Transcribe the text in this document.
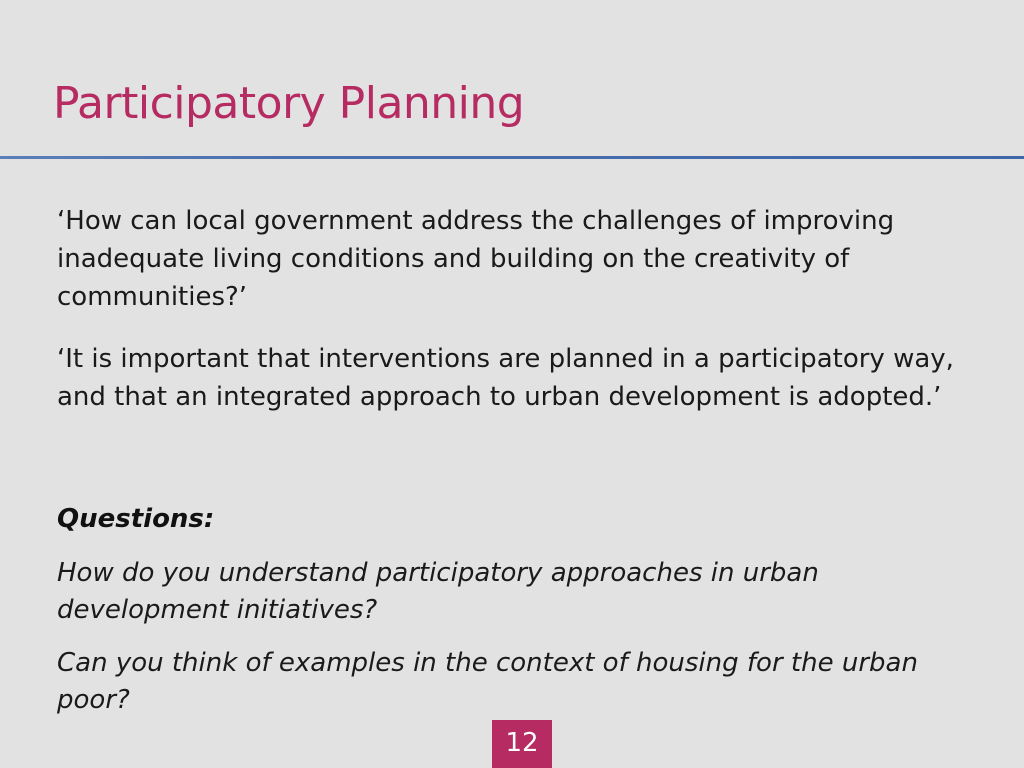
Participatory Planning
‘How can local government address the challenges of improving inadequate living conditions and building on the creativity of communities?’
‘It is important that interventions are planned in a participatory way, and that an integrated approach to urban development is adopted.’
Questions:
How do you understand participatory approaches in urban development initiatives?
Can you think of examples in the context of housing for the urban poor?
12
